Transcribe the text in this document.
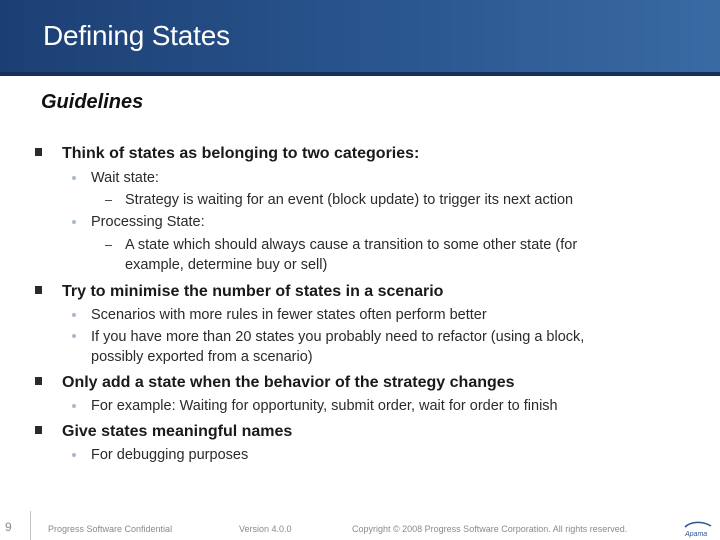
Defining States
Guidelines
Think of states as belonging to two categories:
Wait state:
Strategy is waiting for an event (block update) to trigger its next action
Processing State:
A state which should always cause a transition to some other state (for
example, determine buy or sell)
Try to minimise the number of states in a scenario
Scenarios with more rules in fewer states often perform better
If you have more than 20 states you probably need to refactor (using a block,
possibly exported from a scenario)
Only add a state when the behavior of the strategy changes
For example: Waiting for opportunity, submit order, wait for order to finish
Give states meaningful names
For debugging purposes
9	Progress Software Confidential	Version 4.0.0	Copyright © 2008 Progress Software Corporation. All rights reserved.
Apama
